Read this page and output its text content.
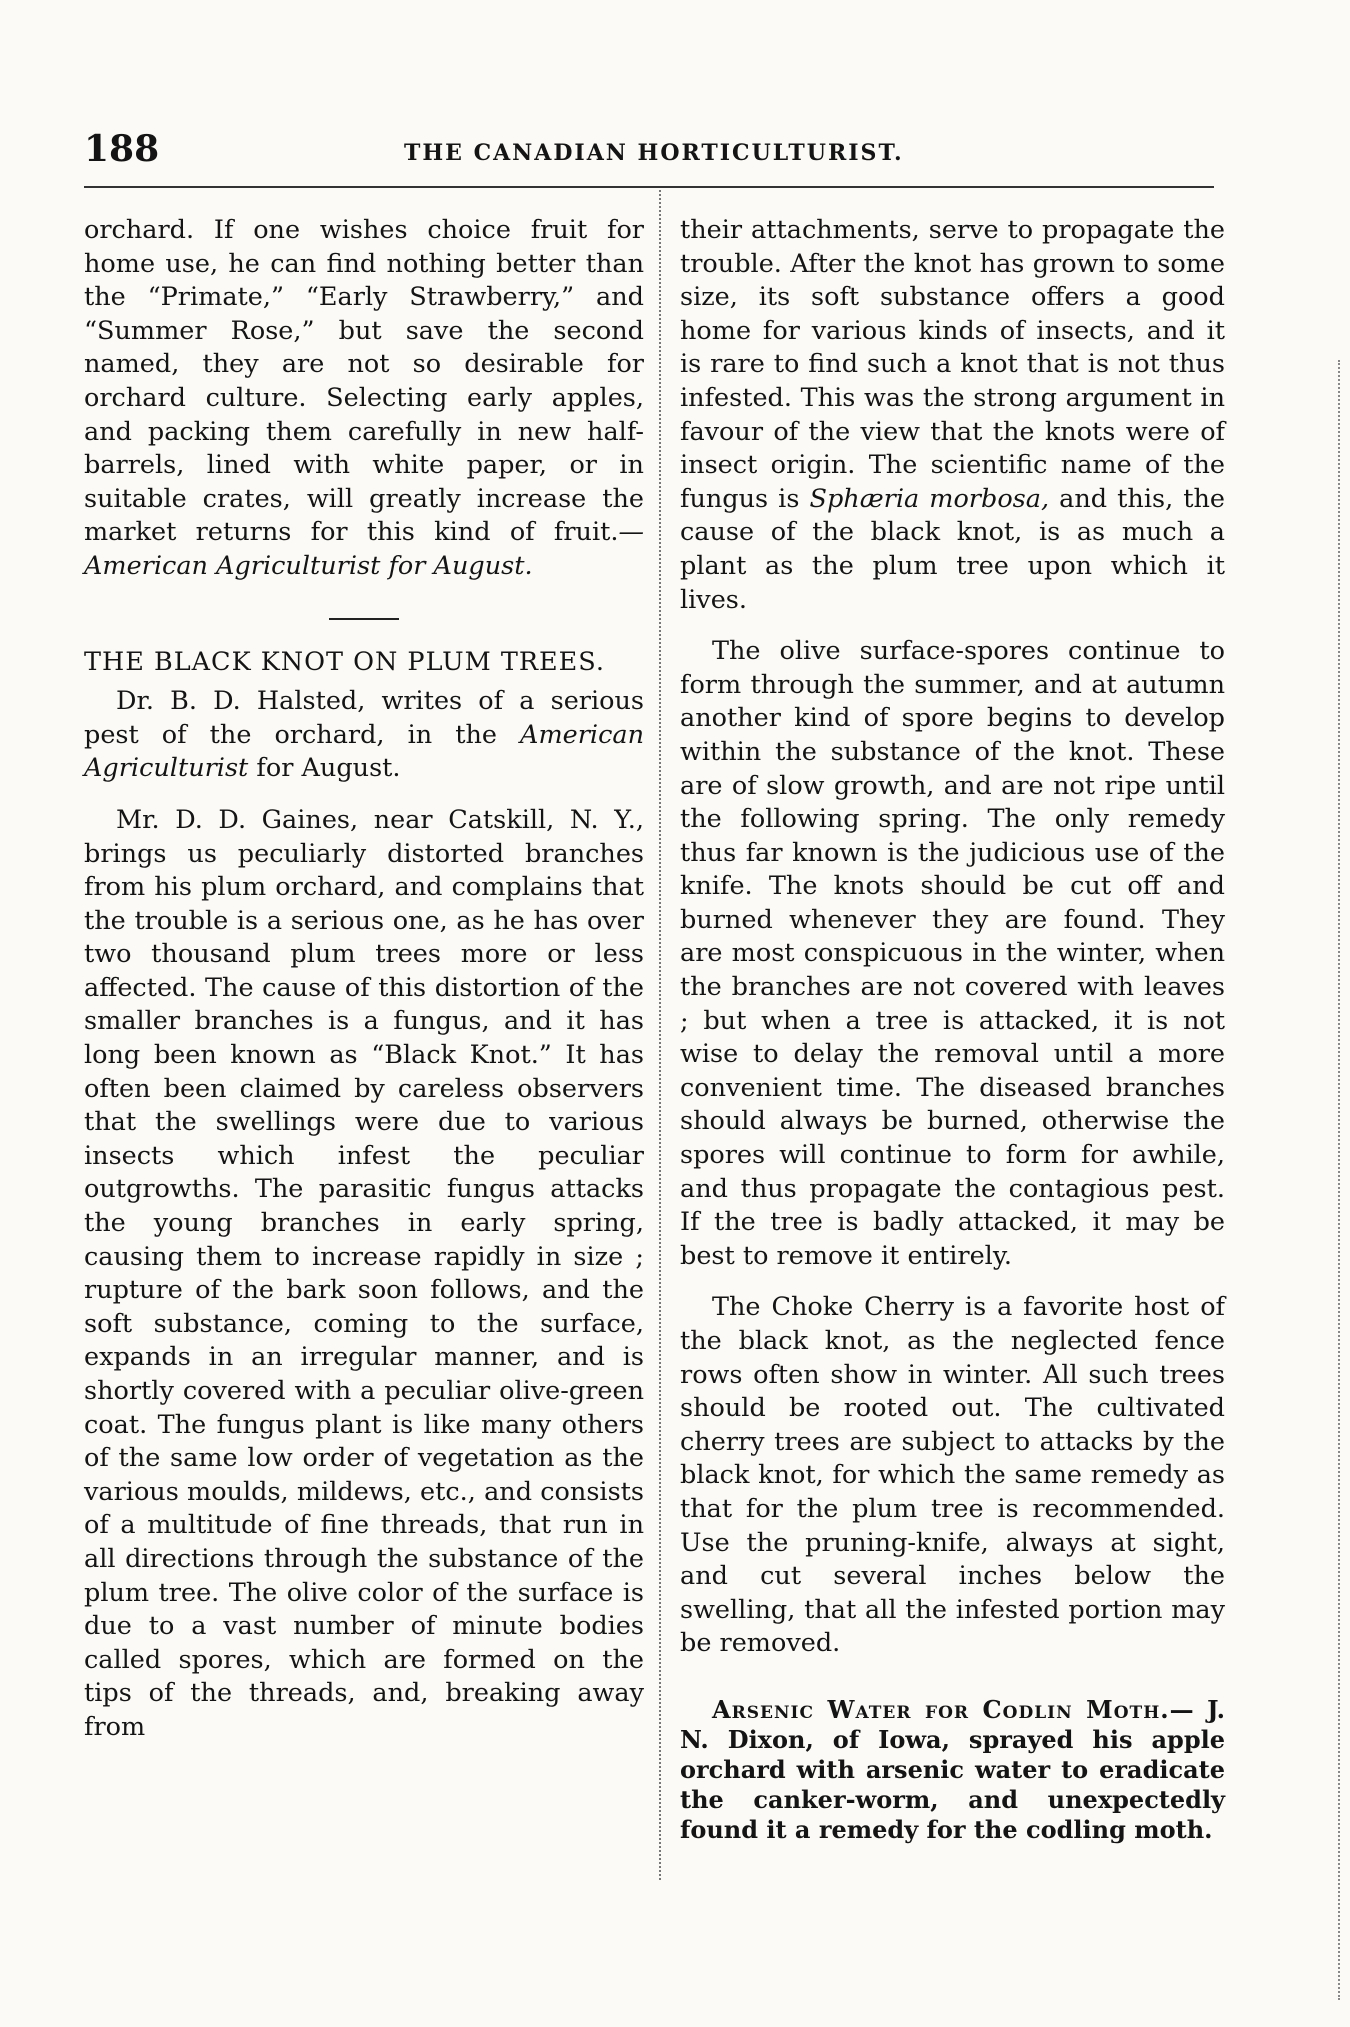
188	THE CANADIAN HORTICULTURIST.

orchard. If one wishes choice fruit for home use, he can find nothing better than the “Primate,” “Early Strawberry,” and “Summer Rose,” but save the second named, they are not so desirable for orchard culture. Selecting early apples, and packing them carefully in new half-barrels, lined with white paper, or in suitable crates, will greatly increase the market returns for this kind of fruit.—American Agriculturist for August.

THE BLACK KNOT ON PLUM TREES.

Dr. B. D. Halsted, writes of a serious pest of the orchard, in the American Agriculturist for August.

Mr. D. D. Gaines, near Catskill, N. Y., brings us peculiarly distorted branches from his plum orchard, and complains that the trouble is a serious one, as he has over two thousand plum trees more or less affected. The cause of this distortion of the smaller branches is a fungus, and it has long been known as “Black Knot.” It has often been claimed by careless observers that the swellings were due to various insects which infest the peculiar outgrowths. The parasitic fungus attacks the young branches in early spring, causing them to increase rapidly in size ; rupture of the bark soon follows, and the soft substance, coming to the surface, expands in an irregular manner, and is shortly covered with a peculiar olive-green coat. The fungus plant is like many others of the same low order of vegetation as the various moulds, mildews, etc., and consists of a multitude of fine threads, that run in all directions through the substance of the plum tree. The olive color of the surface is due to a vast number of minute bodies called spores, which are formed on the tips of the threads, and, breaking away from

their attachments, serve to propagate the trouble. After the knot has grown to some size, its soft substance offers a good home for various kinds of insects, and it is rare to find such a knot that is not thus infested. This was the strong argument in favour of the view that the knots were of insect origin. The scientific name of the fungus is Sphæria morbosa, and this, the cause of the black knot, is as much a plant as the plum tree upon which it lives.

The olive surface-spores continue to form through the summer, and at autumn another kind of spore begins to develop within the substance of the knot. These are of slow growth, and are not ripe until the following spring. The only remedy thus far known is the judicious use of the knife. The knots should be cut off and burned whenever they are found. They are most conspicuous in the winter, when the branches are not covered with leaves ; but when a tree is attacked, it is not wise to delay the removal until a more convenient time. The diseased branches should always be burned, otherwise the spores will continue to form for awhile, and thus propagate the contagious pest. If the tree is badly attacked, it may be best to remove it entirely.

The Choke Cherry is a favorite host of the black knot, as the neglected fence rows often show in winter. All such trees should be rooted out. The cultivated cherry trees are subject to attacks by the black knot, for which the same remedy as that for the plum tree is recommended. Use the pruning-knife, always at sight, and cut several inches below the swelling, that all the infested portion may be removed.

Arsenic Water for Codlin Moth.— J. N. Dixon, of Iowa, sprayed his apple orchard with arsenic water to eradicate the canker-worm, and unexpectedly found it a remedy for the codling moth.
